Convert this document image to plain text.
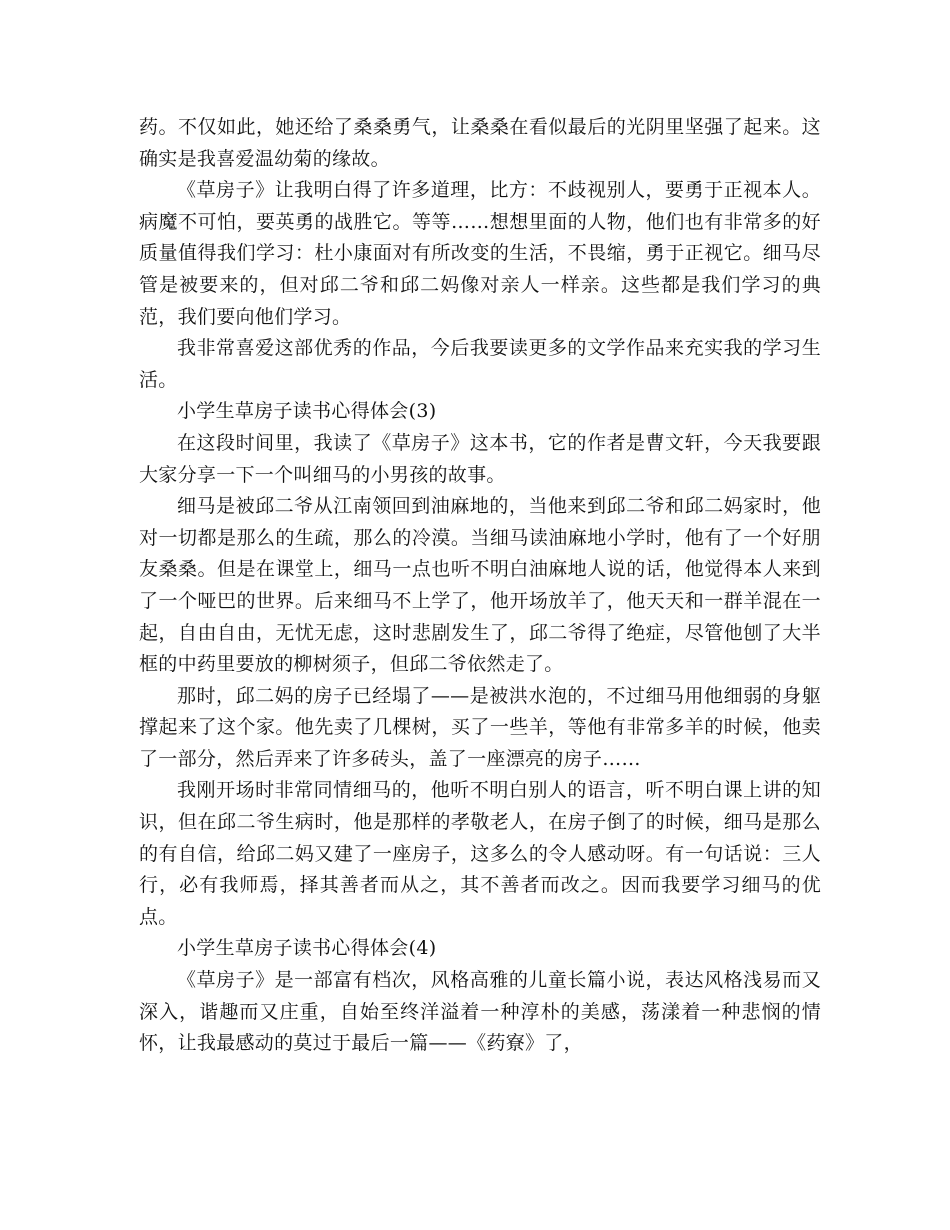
药。不仅如此，她还给了桑桑勇气，让桑桑在看似最后的光阴里坚强了起来。这确实是我喜爱温幼菊的缘故。

《草房子》让我明白得了许多道理，比方：不歧视别人，要勇于正视本人。病魔不可怕，要英勇的战胜它。等等……想想里面的人物，他们也有非常多的好质量值得我们学习：杜小康面对有所改变的生活，不畏缩，勇于正视它。细马尽管是被要来的，但对邱二爷和邱二妈像对亲人一样亲。这些都是我们学习的典范，我们要向他们学习。

我非常喜爱这部优秀的作品，今后我要读更多的文学作品来充实我的学习生活。

小学生草房子读书心得体会(3)

在这段时间里，我读了《草房子》这本书，它的作者是曹文轩，今天我要跟大家分享一下一个叫细马的小男孩的故事。

细马是被邱二爷从江南领回到油麻地的，当他来到邱二爷和邱二妈家时，他对一切都是那么的生疏，那么的冷漠。当细马读油麻地小学时，他有了一个好朋友桑桑。但是在课堂上，细马一点也听不明白油麻地人说的话，他觉得本人来到了一个哑巴的世界。后来细马不上学了，他开场放羊了，他天天和一群羊混在一起，自由自由，无忧无虑，这时悲剧发生了，邱二爷得了绝症，尽管他刨了大半框的中药里要放的柳树须子，但邱二爷依然走了。

那时，邱二妈的房子已经塌了——是被洪水泡的，不过细马用他细弱的身躯撑起来了这个家。他先卖了几棵树，买了一些羊，等他有非常多羊的时候，他卖了一部分，然后弄来了许多砖头，盖了一座漂亮的房子……

我刚开场时非常同情细马的，他听不明白别人的语言，听不明白课上讲的知识，但在邱二爷生病时，他是那样的孝敬老人，在房子倒了的时候，细马是那么的有自信，给邱二妈又建了一座房子，这多么的令人感动呀。有一句话说：三人行，必有我师焉，择其善者而从之，其不善者而改之。因而我要学习细马的优点。

小学生草房子读书心得体会(4)

《草房子》是一部富有档次，风格高雅的儿童长篇小说，表达风格浅易而又深入，谐趣而又庄重，自始至终洋溢着一种淳朴的美感，荡漾着一种悲悯的情怀，让我最感动的莫过于最后一篇——《药寮》了，
